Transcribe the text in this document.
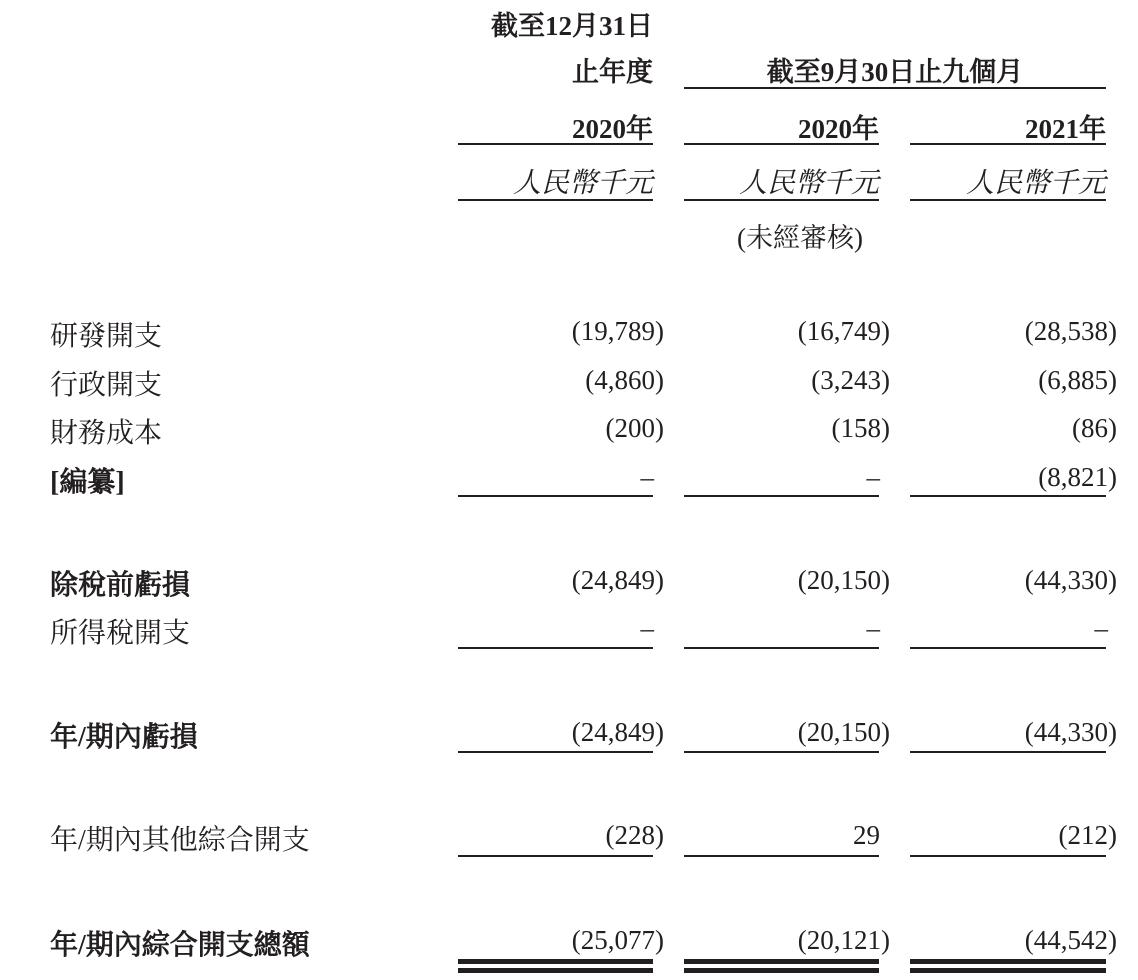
截至12月31日
止年度	截至9月30日止九個月
2020年	2020年	2021年
人民幣千元	人民幣千元	人民幣千元
(未經審核)
研發開支	(19,789)	(16,749)	(28,538)
行政開支	(4,860)	(3,243)	(6,885)
財務成本	(200)	(158)	(86)
[編纂]	–	–	(8,821)
除稅前虧損	(24,849)	(20,150)	(44,330)
所得稅開支	–	–	–
年/期內虧損	(24,849)	(20,150)	(44,330)
年/期內其他綜合開支	(228)	29	(212)
年/期內綜合開支總額	(25,077)	(20,121)	(44,542)
